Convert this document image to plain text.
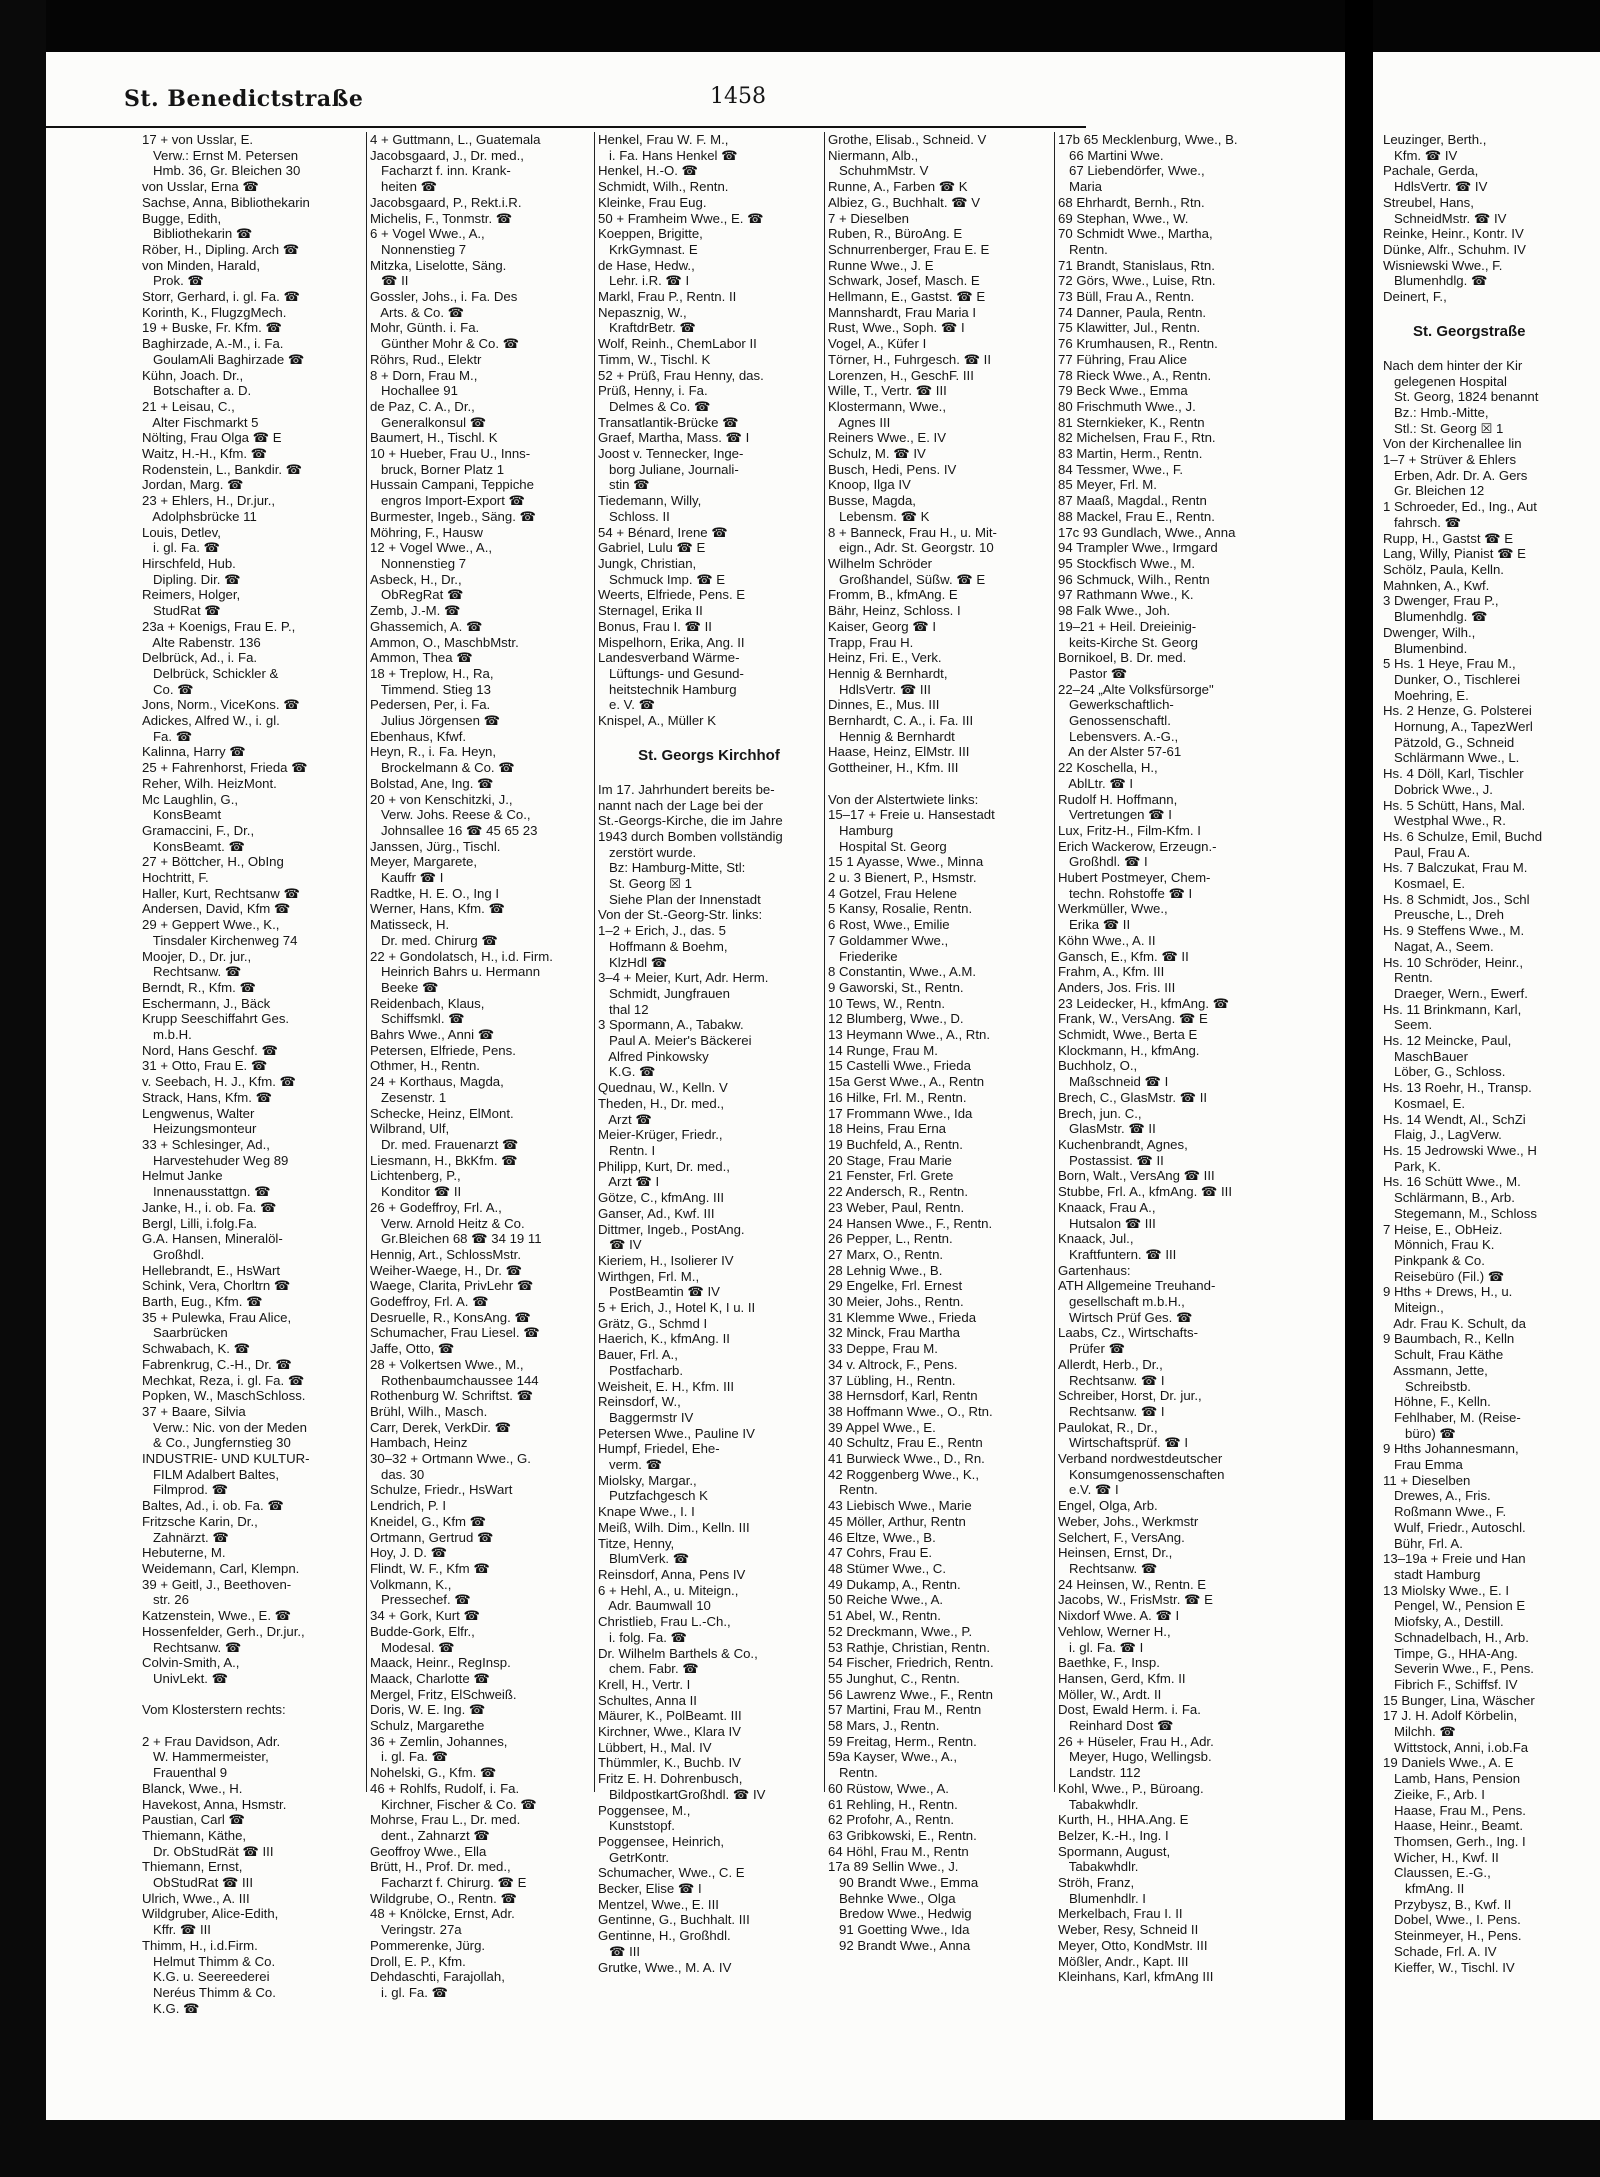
Leuzinger, Berth.,
Kfm. ☎ IV
Pachale, Gerda,
HdlsVertr. ☎ IV
Streubel, Hans,
SchneidMstr. ☎ IV
Reinke, Heinr., Kontr. IV
Dünke, Alfr., Schuhm. IV
Wisniewski Wwe., F.
Blumenhdlg. ☎
Deinert, F.,

St. Georgstraße

Nach dem hinter der Kir
gelegenen Hospital
St. Georg, 1824 benannt
Bz.: Hmb.-Mitte,
Stl.: St. Georg ☒ 1
Von der Kirchenallee lin
1–7 + Strüver & Ehlers
Erben, Adr. Dr. A. Gers
Gr. Bleichen 12
1 Schroeder, Ed., Ing., Aut
fahrsch. ☎
Rupp, H., Gastst ☎ E
Lang, Willy, Pianist ☎ E
Schölz, Paula, Kelln.
Mahnken, A., Kwf.
3 Dwenger, Frau P.,
Blumenhdlg. ☎
Dwenger, Wilh.,
Blumenbind.
5 Hs. 1 Heye, Frau M.,
Dunker, O., Tischlerei
Moehring, E.
Hs. 2 Henze, G. Polsterei
Hornung, A., TapezWerl
Pätzold, G., Schneid
Schlärmann Wwe., L.
Hs. 4 Döll, Karl, Tischler
Dobrick Wwe., J.
Hs. 5 Schütt, Hans, Mal.
Westphal Wwe., R.
Hs. 6 Schulze, Emil, Buchd
Paul, Frau A.
Hs. 7 Balczukat, Frau M.
Kosmael, E.
Hs. 8 Schmidt, Jos., Schl
Preusche, L., Dreh
Hs. 9 Steffens Wwe., M.
Nagat, A., Seem.
Hs. 10 Schröder, Heinr.,
Rentn.
Draeger, Wern., Ewerf.
Hs. 11 Brinkmann, Karl,
Seem.
Hs. 12 Meincke, Paul,
MaschBauer
Löber, G., Schloss.
Hs. 13 Roehr, H., Transp.
Kosmael, E.
Hs. 14 Wendt, Al., SchZi
Flaig, J., LagVerw.
Hs. 15 Jedrowski Wwe., H
Park, K.
Hs. 16 Schütt Wwe., M.
Schlärmann, B., Arb.
Stegemann, M., Schloss
7 Heise, E., ObHeiz.
Mönnich, Frau K.
Pinkpank & Co.
Reisebüro (Fil.) ☎
9 Hths + Drews, H., u.
Miteign.,
Adr. Frau K. Schult, da
9 Baumbach, R., Kelln
Schult, Frau Käthe
Assmann, Jette,
Schreibstb.
Höhne, F., Kelln.
Fehlhaber, M. (Reise-
büro) ☎
9 Hths Johannesmann,
Frau Emma
11 + Dieselben
Drewes, A., Fris.
Roßmann Wwe., F.
Wulf, Friedr., Autoschl.
Bühr, Frl. A.
13–19a + Freie und Han
stadt Hamburg
13 Miolsky Wwe., E. I
Pengel, W., Pension E
Miofsky, A., Destill.
Schnadelbach, H., Arb.
Timpe, G., HHA-Ang.
Severin Wwe., F., Pens.
Fibrich F., Schiffsf. IV
15 Bunger, Lina, Wäscher
17 J. H. Adolf Körbelin,
Milchh. ☎
Wittstock, Anni, i.ob.Fa
19 Daniels Wwe., A. E
Lamb, Hans, Pension
Zieike, F., Arb. I
Haase, Frau M., Pens.
Haase, Heinr., Beamt.
Thomsen, Gerh., Ing. I
Wicher, H., Kwf. II
Claussen, E.-G.,
kfmAng. II
Przybysz, B., Kwf. II
Dobel, Wwe., I. Pens.
Steinmeyer, H., Pens.
Schade, Frl. A. IV
Kieffer, W., Tischl. IV
St. Benedictstraße	1458
17 + von Usslar, E.
Verw.: Ernst M. Petersen
Hmb. 36, Gr. Bleichen 30
von Usslar, Erna ☎
Sachse, Anna, Bibliothekarin
Bugge, Edith,
Bibliothekarin ☎
Röber, H., Dipling. Arch ☎
von Minden, Harald,
Prok. ☎
Storr, Gerhard, i. gl. Fa. ☎
Korinth, K., FlugzgMech.
19 + Buske, Fr. Kfm. ☎
Baghirzade, A.-M., i. Fa.
GoulamAli Baghirzade ☎
Kühn, Joach. Dr.,
Botschafter a. D.
21 + Leisau, C.,
Alter Fischmarkt 5
Nölting, Frau Olga ☎ E
Waitz, H.-H., Kfm. ☎
Rodenstein, L., Bankdir. ☎
Jordan, Marg. ☎
23 + Ehlers, H., Dr.jur.,
Adolphsbrücke 11
Louis, Detlev,
i. gl. Fa. ☎
Hirschfeld, Hub.
Dipling. Dir. ☎
Reimers, Holger,
StudRat ☎
23a + Koenigs, Frau E. P.,
Alte Rabenstr. 136
Delbrück, Ad., i. Fa.
Delbrück, Schickler &
Co. ☎
Jons, Norm., ViceKons. ☎
Adickes, Alfred W., i. gl.
Fa. ☎
Kalinna, Harry ☎
25 + Fahrenhorst, Frieda ☎
Reher, Wilh. HeizMont.
Mc Laughlin, G.,
KonsBeamt
Gramaccini, F., Dr.,
KonsBeamt. ☎
27 + Böttcher, H., ObIng
Hochtritt, F.
Haller, Kurt, Rechtsanw ☎
Andersen, David, Kfm ☎
29 + Geppert Wwe., K.,
Tinsdaler Kirchenweg 74
Moojer, D., Dr. jur.,
Rechtsanw. ☎
Berndt, R., Kfm. ☎
Eschermann, J., Bäck
Krupp Seeschiffahrt Ges.
m.b.H.
Nord, Hans Geschf. ☎
31 + Otto, Frau E. ☎
v. Seebach, H. J., Kfm. ☎
Strack, Hans, Kfm. ☎
Lengwenus, Walter
Heizungsmonteur
33 + Schlesinger, Ad.,
Harvestehuder Weg 89
Helmut Janke
Innenausstattgn. ☎
Janke, H., i. ob. Fa. ☎
Bergl, Lilli, i.folg.Fa.
G.A. Hansen, Mineralöl-
Großhdl.
Hellebrandt, E., HsWart
Schink, Vera, Chorltrn ☎
Barth, Eug., Kfm. ☎
35 + Pulewka, Frau Alice,
Saarbrücken
Schwabach, K. ☎
Fabrenkrug, C.-H., Dr. ☎
Mechkat, Reza, i. gl. Fa. ☎
Popken, W., MaschSchloss.
37 + Baare, Silvia
Verw.: Nic. von der Meden
& Co., Jungfernstieg 30
INDUSTRIE- UND KULTUR-
FILM Adalbert Baltes,
Filmprod. ☎
Baltes, Ad., i. ob. Fa. ☎
Fritzsche Karin, Dr.,
Zahnärzt. ☎
Hebuterne, M.
Weidemann, Carl, Klempn.
39 + Geitl, J., Beethoven-
str. 26
Katzenstein, Wwe., E. ☎
Hossenfelder, Gerh., Dr.jur.,
Rechtsanw. ☎
Colvin-Smith, A.,
UnivLekt. ☎

Vom Klosterstern rechts:

2 + Frau Davidson, Adr.
W. Hammermeister,
Frauenthal 9
Blanck, Wwe., H.
Havekost, Anna, Hsmstr.
Paustian, Carl ☎
Thiemann, Käthe,
Dr. ObStudRät ☎ III
Thiemann, Ernst,
ObStudRat ☎ III
Ulrich, Wwe., A. III
Wildgruber, Alice-Edith,
Kffr. ☎ III
Thimm, H., i.d.Firm.
Helmut Thimm & Co.
K.G. u. Seereederei
Neréus Thimm & Co.
K.G. ☎
4 + Guttmann, L., Guatemala
Jacobsgaard, J., Dr. med.,
Facharzt f. inn. Krank-
heiten ☎
Jacobsgaard, P., Rekt.i.R.
Michelis, F., Tonmstr. ☎
6 + Vogel Wwe., A.,
Nonnenstieg 7
Mitzka, Liselotte, Säng.
☎ II
Gossler, Johs., i. Fa. Des
Arts. & Co. ☎
Mohr, Günth. i. Fa.
Günther Mohr & Co. ☎
Röhrs, Rud., Elektr
8 + Dorn, Frau M.,
Hochallee 91
de Paz, C. A., Dr.,
Generalkonsul ☎
Baumert, H., Tischl. K
10 + Hueber, Frau U., Inns-
bruck, Borner Platz 1
Hussain Campani, Teppiche
engros Import-Export ☎
Burmester, Ingeb., Säng. ☎
Möhring, F., Hausw
12 + Vogel Wwe., A.,
Nonnenstieg 7
Asbeck, H., Dr.,
ObRegRat ☎
Zemb, J.-M. ☎
Ghassemich, A. ☎
Ammon, O., MaschbMstr.
Ammon, Thea ☎
18 + Treplow, H., Ra,
Timmend. Stieg 13
Pedersen, Per, i. Fa.
Julius Jörgensen ☎
Ebenhaus, Kfwf.
Heyn, R., i. Fa. Heyn,
Brockelmann & Co. ☎
Bolstad, Ane, Ing. ☎
20 + von Kenschitzki, J.,
Verw. Johs. Reese & Co.,
Johnsallee 16 ☎ 45 65 23
Janssen, Jürg., Tischl.
Meyer, Margarete,
Kauffr ☎ I
Radtke, H. E. O., Ing I
Werner, Hans, Kfm. ☎
Matisseck, H.
Dr. med. Chirurg ☎
22 + Gondolatsch, H., i.d. Firm.
Heinrich Bahrs u. Hermann
Beeke ☎
Reidenbach, Klaus,
Schiffsmkl. ☎
Bahrs Wwe., Anni ☎
Petersen, Elfriede, Pens.
Othmer, H., Rentn.
24 + Korthaus, Magda,
Zesenstr. 1
Schecke, Heinz, ElMont.
Wilbrand, Ulf,
Dr. med. Frauenarzt ☎
Liesmann, H., BkKfm. ☎
Lichtenberg, P.,
Konditor ☎ II
26 + Godeffroy, Frl. A.,
Verw. Arnold Heitz & Co.
Gr.Bleichen 68 ☎ 34 19 11
Hennig, Art., SchlossMstr.
Weiher-Waege, H., Dr. ☎
Waege, Clarita, PrivLehr ☎
Godeffroy, Frl. A. ☎
Desruelle, R., KonsAng. ☎
Schumacher, Frau Liesel. ☎
Jaffe, Otto, ☎
28 + Volkertsen Wwe., M.,
Rothenbaumchaussee 144
Rothenburg W. Schriftst. ☎
Brühl, Wilh., Masch.
Carr, Derek, VerkDir. ☎
Hambach, Heinz
30–32 + Ortmann Wwe., G.
das. 30
Schulze, Friedr., HsWart
Lendrich, P. I
Kneidel, G., Kfm ☎
Ortmann, Gertrud ☎
Hoy, J. D. ☎
Flindt, W. F., Kfm ☎
Volkmann, K.,
Pressechef. ☎
34 + Gork, Kurt ☎
Budde-Gork, Elfr.,
Modesal. ☎
Maack, Heinr., RegInsp.
Maack, Charlotte ☎
Mergel, Fritz, ElSchweiß.
Doris, W. E. Ing. ☎
Schulz, Margarethe
36 + Zemlin, Johannes,
i. gl. Fa. ☎
Nohelski, G., Kfm. ☎
46 + Rohlfs, Rudolf, i. Fa.
Kirchner, Fischer & Co. ☎
Mohrse, Frau L., Dr. med.
dent., Zahnarzt ☎
Geoffroy Wwe., Ella
Brütt, H., Prof. Dr. med.,
Facharzt f. Chirurg. ☎ E
Wildgrube, O., Rentn. ☎
48 + Knölcke, Ernst, Adr.
Veringstr. 27a
Pommerenke, Jürg.
Droll, E. P., Kfm.
Dehdaschti, Farajollah,
i. gl. Fa. ☎
Henkel, Frau W. F. M.,
i. Fa. Hans Henkel ☎
Henkel, H.-O. ☎
Schmidt, Wilh., Rentn.
Kleinke, Frau Eug.
50 + Framheim Wwe., E. ☎
Koeppen, Brigitte,
KrkGymnast. E
de Hase, Hedw.,
Lehr. i.R. ☎ I
Markl, Frau P., Rentn. II
Nepasznig, W.,
KraftdrBetr. ☎
Wolf, Reinh., ChemLabor II
Timm, W., Tischl. K
52 + Prüß, Frau Henny, das.
Prüß, Henny, i. Fa.
Delmes & Co. ☎
Transatlantik-Brücke ☎
Graef, Martha, Mass. ☎ I
Joost v. Tennecker, Inge-
borg Juliane, Journali-
stin ☎
Tiedemann, Willy,
Schloss. II
54 + Bénard, Irene ☎
Gabriel, Lulu ☎ E
Jungk, Christian,
Schmuck Imp. ☎ E
Weerts, Elfriede, Pens. E
Sternagel, Erika II
Bonus, Frau I. ☎ II
Mispelhorn, Erika, Ang. II
Landesverband Wärme-
Lüftungs- und Gesund-
heitstechnik Hamburg
e. V. ☎
Knispel, A., Müller K

St. Georgs Kirchhof

Im 17. Jahrhundert bereits be-
nannt nach der Lage bei der
St.-Georgs-Kirche, die im Jahre
1943 durch Bomben vollständig
zerstört wurde.
Bz: Hamburg-Mitte, Stl:
St. Georg ☒ 1
Siehe Plan der Innenstadt
Von der St.-Georg-Str. links:
1–2 + Erich, J., das. 5
Hoffmann & Boehm,
KlzHdl ☎
3–4 + Meier, Kurt, Adr. Herm.
Schmidt, Jungfrauen
thal 12
3 Spormann, A., Tabakw.
Paul A. Meier's Bäckerei
Alfred Pinkowsky
K.G. ☎
Quednau, W., Kelln. V
Theden, H., Dr. med.,
Arzt ☎
Meier-Krüger, Friedr.,
Rentn. I
Philipp, Kurt, Dr. med.,
Arzt ☎ I
Götze, C., kfmAng. III
Ganser, Ad., Kwf. III
Dittmer, Ingeb., PostAng.
☎ IV
Kieriem, H., Isolierer IV
Wirthgen, Frl. M.,
PostBeamtin ☎ IV
5 + Erich, J., Hotel K, I u. II
Grätz, G., Schmd I
Haerich, K., kfmAng. II
Bauer, Frl. A.,
Postfacharb.
Weisheit, E. H., Kfm. III
Reinsdorf, W.,
Baggermstr IV
Petersen Wwe., Pauline IV
Humpf, Friedel, Ehe-
verm. ☎
Miolsky, Margar.,
Putzfachgesch K
Knape Wwe., I. I
Meiß, Wilh. Dim., Kelln. III
Titze, Henny,
BlumVerk. ☎
Reinsdorf, Anna, Pens IV
6 + Hehl, A., u. Miteign.,
Adr. Baumwall 10
Christlieb, Frau L.-Ch.,
i. folg. Fa. ☎
Dr. Wilhelm Barthels & Co.,
chem. Fabr. ☎
Krell, H., Vertr. I
Schultes, Anna II
Mäurer, K., PolBeamt. III
Kirchner, Wwe., Klara IV
Lübbert, H., Mal. IV
Thümmler, K., Buchb. IV
Fritz E. H. Dohrenbusch,
BildpostkartGroßhdl. ☎ IV
Poggensee, M.,
Kunststopf.
Poggensee, Heinrich,
GetrKontr.
Schumacher, Wwe., C. E
Becker, Elise ☎ I
Mentzel, Wwe., E. III
Gentinne, G., Buchhalt. III
Gentinne, H., Großhdl.
☎ III
Grutke, Wwe., M. A. IV
Grothe, Elisab., Schneid. V
Niermann, Alb.,
SchuhmMstr. V
Runne, A., Farben ☎ K
Albiez, G., Buchhalt. ☎ V
7 + Dieselben
Ruben, R., BüroAng. E
Schnurrenberger, Frau E. E
Runne Wwe., J. E
Schwark, Josef, Masch. E
Hellmann, E., Gastst. ☎ E
Mannshardt, Frau Maria I
Rust, Wwe., Soph. ☎ I
Vogel, A., Küfer I
Törner, H., Fuhrgesch. ☎ II
Lorenzen, H., GeschF. III
Wille, T., Vertr. ☎ III
Klostermann, Wwe.,
Agnes III
Reiners Wwe., E. IV
Schulz, M. ☎ IV
Busch, Hedi, Pens. IV
Knoop, Ilga IV
Busse, Magda,
Lebensm. ☎ K
8 + Banneck, Frau H., u. Mit-
eign., Adr. St. Georgstr. 10
Wilhelm Schröder
Großhandel, Süßw. ☎ E
Fromm, B., kfmAng. E
Bähr, Heinz, Schloss. I
Kaiser, Georg ☎ I
Trapp, Frau H.
Heinz, Fri. E., Verk.
Hennig & Bernhardt,
HdlsVertr. ☎ III
Dinnes, E., Mus. III
Bernhardt, C. A., i. Fa. III
Hennig & Bernhardt
Haase, Heinz, ElMstr. III
Gottheiner, H., Kfm. III

Von der Alstertwiete links:
15–17 + Freie u. Hansestadt
Hamburg
Hospital St. Georg
15 1 Ayasse, Wwe., Minna
2 u. 3 Bienert, P., Hsmstr.
4 Gotzel, Frau Helene
5 Kansy, Rosalie, Rentn.
6 Rost, Wwe., Emilie
7 Goldammer Wwe.,
Friederike
8 Constantin, Wwe., A.M.
9 Gaworski, St., Rentn.
10 Tews, W., Rentn.
12 Blumberg, Wwe., D.
13 Heymann Wwe., A., Rtn.
14 Runge, Frau M.
15 Castelli Wwe., Frieda
15a Gerst Wwe., A., Rentn
16 Hilke, Frl. M., Rentn.
17 Frommann Wwe., Ida
18 Heins, Frau Erna
19 Buchfeld, A., Rentn.
20 Stage, Frau Marie
21 Fenster, Frl. Grete
22 Andersch, R., Rentn.
23 Weber, Paul, Rentn.
24 Hansen Wwe., F., Rentn.
26 Pepper, L., Rentn.
27 Marx, O., Rentn.
28 Lehnig Wwe., B.
29 Engelke, Frl. Ernest
30 Meier, Johs., Rentn.
31 Klemme Wwe., Frieda
32 Minck, Frau Martha
33 Deppe, Frau M.
34 v. Altrock, F., Pens.
37 Lübling, H., Rentn.
38 Hernsdorf, Karl, Rentn
38 Hoffmann Wwe., O., Rtn.
39 Appel Wwe., E.
40 Schultz, Frau E., Rentn
41 Burwieck Wwe., D., Rn.
42 Roggenberg Wwe., K.,
Rentn.
43 Liebisch Wwe., Marie
45 Möller, Arthur, Rentn
46 Eltze, Wwe., B.
47 Cohrs, Frau E.
48 Stümer Wwe., C.
49 Dukamp, A., Rentn.
50 Reiche Wwe., A.
51 Abel, W., Rentn.
52 Dreckmann, Wwe., P.
53 Rathje, Christian, Rentn.
54 Fischer, Friedrich, Rentn.
55 Junghut, C., Rentn.
56 Lawrenz Wwe., F., Rentn
57 Martini, Frau M., Rentn
58 Mars, J., Rentn.
59 Freitag, Herm., Rentn.
59a Kayser, Wwe., A.,
Rentn.
60 Rüstow, Wwe., A.
61 Rehling, H., Rentn.
62 Profohr, A., Rentn.
63 Gribkowski, E., Rentn.
64 Höhl, Frau M., Rentn
17a 89 Sellin Wwe., J.
90 Brandt Wwe., Emma
Behnke Wwe., Olga
Bredow Wwe., Hedwig
91 Goetting Wwe., Ida
92 Brandt Wwe., Anna
17b 65 Mecklenburg, Wwe., B.
66 Martini Wwe.
67 Liebendörfer, Wwe.,
Maria
68 Ehrhardt, Bernh., Rtn.
69 Stephan, Wwe., W.
70 Schmidt Wwe., Martha,
Rentn.
71 Brandt, Stanislaus, Rtn.
72 Görs, Wwe., Luise, Rtn.
73 Büll, Frau A., Rentn.
74 Danner, Paula, Rentn.
75 Klawitter, Jul., Rentn.
76 Krumhausen, R., Rentn.
77 Führing, Frau Alice
78 Rieck Wwe., A., Rentn.
79 Beck Wwe., Emma
80 Frischmuth Wwe., J.
81 Sternkieker, K., Rentn
82 Michelsen, Frau F., Rtn.
83 Martin, Herm., Rentn.
84 Tessmer, Wwe., F.
85 Meyer, Frl. M.
87 Maaß, Magdal., Rentn
88 Mackel, Frau E., Rentn.
17c 93 Gundlach, Wwe., Anna
94 Trampler Wwe., Irmgard
95 Stockfisch Wwe., M.
96 Schmuck, Wilh., Rentn
97 Rathmann Wwe., K.
98 Falk Wwe., Joh.
19–21 + Heil. Dreieinig-
keits-Kirche St. Georg
Bornikoel, B. Dr. med.
Pastor ☎
22–24 „Alte Volksfürsorge"
Gewerkschaftlich-
Genossenschaftl.
Lebensvers. A.-G.,
An der Alster 57-61
22 Koschella, H.,
AblLtr. ☎ I
Rudolf H. Hoffmann,
Vertretungen ☎ I
Lux, Fritz-H., Film-Kfm. I
Erich Wackerow, Erzeugn.-
Großhdl. ☎ I
Hubert Postmeyer, Chem-
techn. Rohstoffe ☎ I
Werkmüller, Wwe.,
Erika ☎ II
Köhn Wwe., A. II
Gansch, E., Kfm. ☎ II
Frahm, A., Kfm. III
Anders, Jos. Fris. III
23 Leidecker, H., kfmAng. ☎
Frank, W., VersAng. ☎ E
Schmidt, Wwe., Berta E
Klockmann, H., kfmAng.
Buchholz, O.,
Maßschneid ☎ I
Brech, C., GlasMstr. ☎ II
Brech, jun. C.,
GlasMstr. ☎ II
Kuchenbrandt, Agnes,
Postassist. ☎ II
Born, Walt., VersAng ☎ III
Stubbe, Frl. A., kfmAng. ☎ III
Knaack, Frau A.,
Hutsalon ☎ III
Knaack, Jul.,
Kraftfuntern. ☎ III
Gartenhaus:
ATH Allgemeine Treuhand-
gesellschaft m.b.H.,
Wirtsch Prüf Ges. ☎
Laabs, Cz., Wirtschafts-
Prüfer ☎
Allerdt, Herb., Dr.,
Rechtsanw. ☎ I
Schreiber, Horst, Dr. jur.,
Rechtsanw. ☎ I
Paulokat, R., Dr.,
Wirtschaftsprüf. ☎ I
Verband nordwestdeutscher
Konsumgenossenschaften
e.V. ☎ I
Engel, Olga, Arb.
Weber, Johs., Werkmstr
Selchert, F., VersAng.
Heinsen, Ernst, Dr.,
Rechtsanw. ☎
24 Heinsen, W., Rentn. E
Jacobs, W., FrisMstr. ☎ E
Nixdorf Wwe. A. ☎ I
Vehlow, Werner H.,
i. gl. Fa. ☎ I
Baethke, F., Insp.
Hansen, Gerd, Kfm. II
Möller, W., Ardt. II
Dost, Ewald Herm. i. Fa.
Reinhard Dost ☎
26 + Hüseler, Frau H., Adr.
Meyer, Hugo, Wellingsb.
Landstr. 112
Kohl, Wwe., P., Büroang.
Tabakwhdlr.
Kurth, H., HHA.Ang. E
Belzer, K.-H., Ing. I
Spormann, August,
Tabakwhdlr.
Ströh, Franz,
Blumenhdlr. I
Merkelbach, Frau I. II
Weber, Resy, Schneid II
Meyer, Otto, KondMstr. III
Mößler, Andr., Kapt. III
Kleinhans, Karl, kfmAng III
